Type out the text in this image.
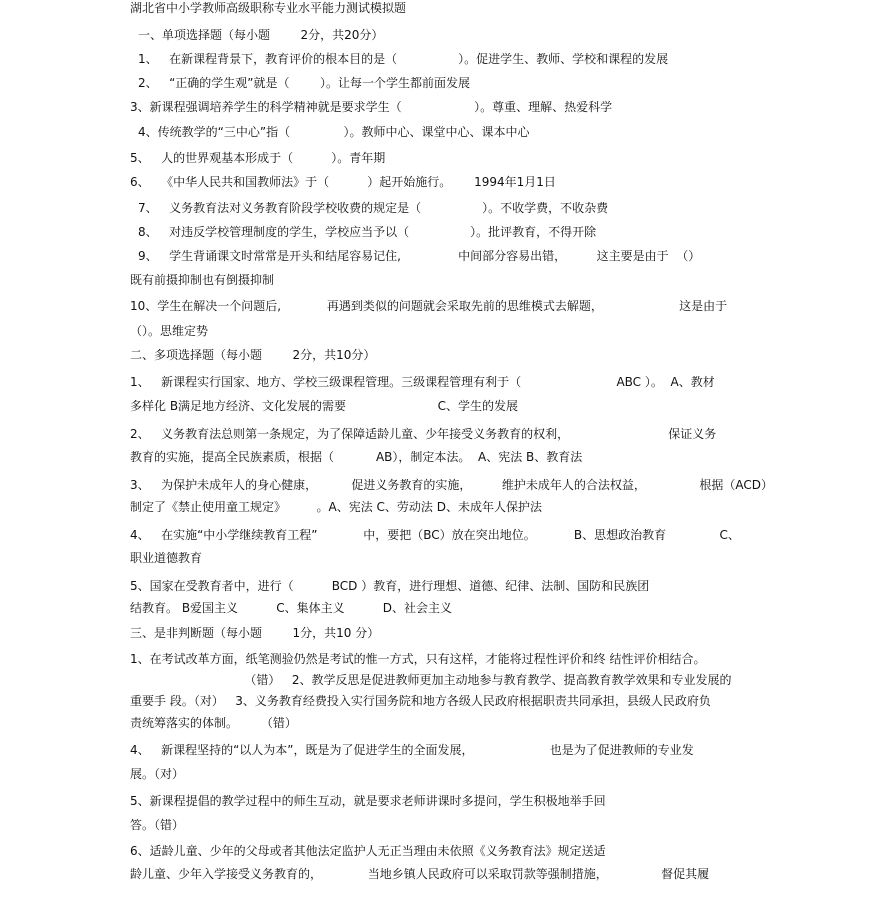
湖北省中小学教师高级职称专业水平能力测试模拟题
一、单项选择题（每小题        2分，共20分）
1、   在新课程背景下，教育评价的根本目的是（                ）。促进学生、教师、学校和课程的发展
2、   “正确的学生观”就是（        ）。让每一个学生都前面发展
3、新课程强调培养学生的科学精神就是要求学生（                   ）。尊重、理解、热爱科学
4、传统教学的“三中心”指（              ）。教师中心、课堂中心、课本中心
5、   人的世界观基本形成于（          ）。青年期
6、   《中华人民共和国教师法》于（          ）起开始施行。      1994年1月1日
7、   义务教育法对义务教育阶段学校收费的规定是（                ）。不收学费，不收杂费
8、   对违反学校管理制度的学生，学校应当予以（                ）。批评教育，不得开除
9、   学生背诵课文时常常是开头和结尾容易记住,               中间部分容易出错，        这主要是由于  （）
既有前摄抑制也有倒摄抑制
10、学生在解决一个问题后,            再遇到类似的问题就会采取先前的思维模式去解题，                    这是由于
（）。思维定势
二、多项选择题（每小题        2分，共10分）
1、   新课程实行国家、地方、学校三级课程管理。三级课程管理有利于（                         ABC ）。  A、教材
多样化 B满足地方经济、文化发展的需要                        C、学生的发展
2、   义务教育法总则第一条规定，为了保障适龄儿童、少年接受义务教育的权利，                          保证义务
教育的实施，提高全民族素质，根据（           AB），制定本法。  A、宪法 B、教育法
3、   为保护未成年人的身心健康，         促进义务教育的实施，        维护未成年人的合法权益，              根据（ACD）
制定了《禁止使用童工规定》        。A、宪法 C、劳动法 D、未成年人保护法
4、   在实施“中小学继续教育工程”            中，要把（BC）放在突出地位。          B、思想政治教育              C、
职业道德教育
5、国家在受教育者中，进行（          BCD ）教育，进行理想、道德、纪律、法制、国防和民族团
结教育。 B爱国主义          C、集体主义          D、社会主义
三、是非判断题（每小题        1分，共10 分）
1、在考试改革方面，纸笔测验仍然是考试的惟一方式，只有这样，才能将过程性评价和终 结性评价相结合。
（错）   2、教学反思是促进教师更加主动地参与教育教学、提高教育教学效果和专业发展的
重要手 段。（对）   3、义务教育经费投入实行国务院和地方各级人民政府根据职责共同承担，县级人民政府负
责统筹落实的体制。      （错）
4、   新课程坚持的“以人为本”，既是为了促进学生的全面发展，                    也是为了促进教师的专业发
展。（对）
5、新课程提倡的教学过程中的师生互动，就是要求老师讲课时多提问，学生积极地举手回
答。（错）
6、适龄儿童、少年的父母或者其他法定监护人无正当理由未依照《义务教育法》规定送适
龄儿童、少年入学接受义务教育的，            当地乡镇人民政府可以采取罚款等强制措施，              督促其履
